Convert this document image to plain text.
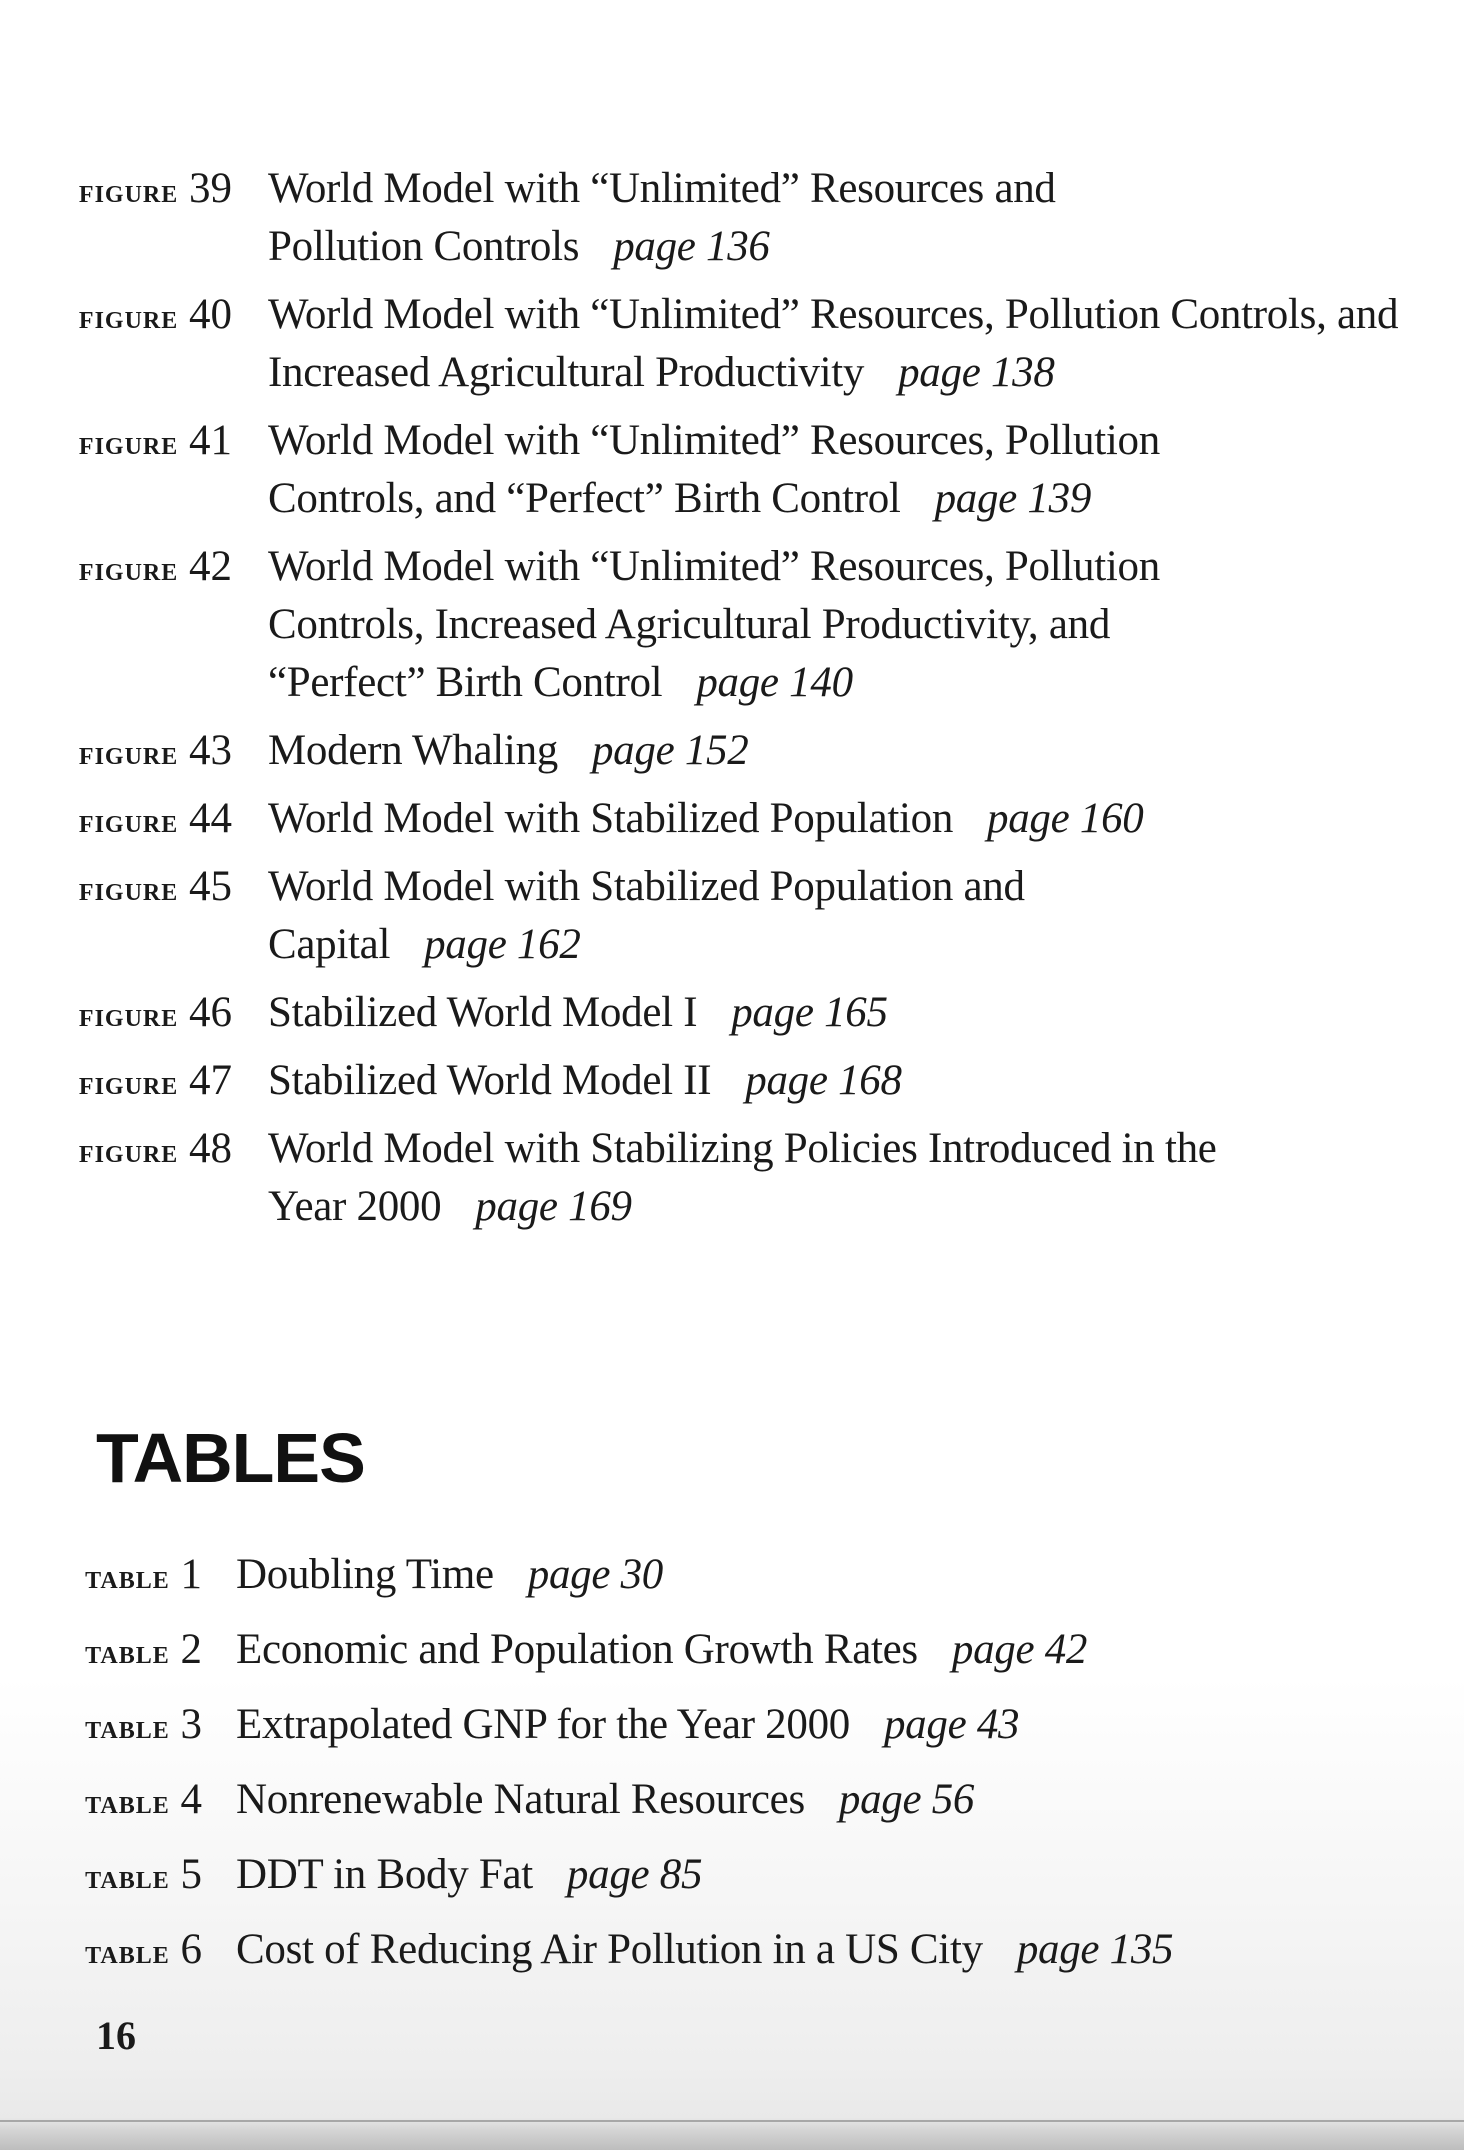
figure 39 World Model with “Unlimited” Resources and Pollution Controls page 136
figure 40 World Model with “Unlimited” Resources, Pollution Controls, and Increased Agricultural Productivity page 138
figure 41 World Model with “Unlimited” Resources, Pollution Controls, and “Perfect” Birth Control page 139
figure 42 World Model with “Unlimited” Resources, Pollution Controls, Increased Agricultural Productivity, and “Perfect” Birth Control page 140
figure 43 Modern Whaling page 152
figure 44 World Model with Stabilized Population page 160
figure 45 World Model with Stabilized Population and Capital page 162
figure 46 Stabilized World Model I page 165
figure 47 Stabilized World Model II page 168
figure 48 World Model with Stabilizing Policies Introduced in the Year 2000 page 169
TABLES
table 1 Doubling Time page 30
table 2 Economic and Population Growth Rates page 42
table 3 Extrapolated GNP for the Year 2000 page 43
table 4 Nonrenewable Natural Resources page 56
table 5 DDT in Body Fat page 85
table 6 Cost of Reducing Air Pollution in a US City page 135
16
